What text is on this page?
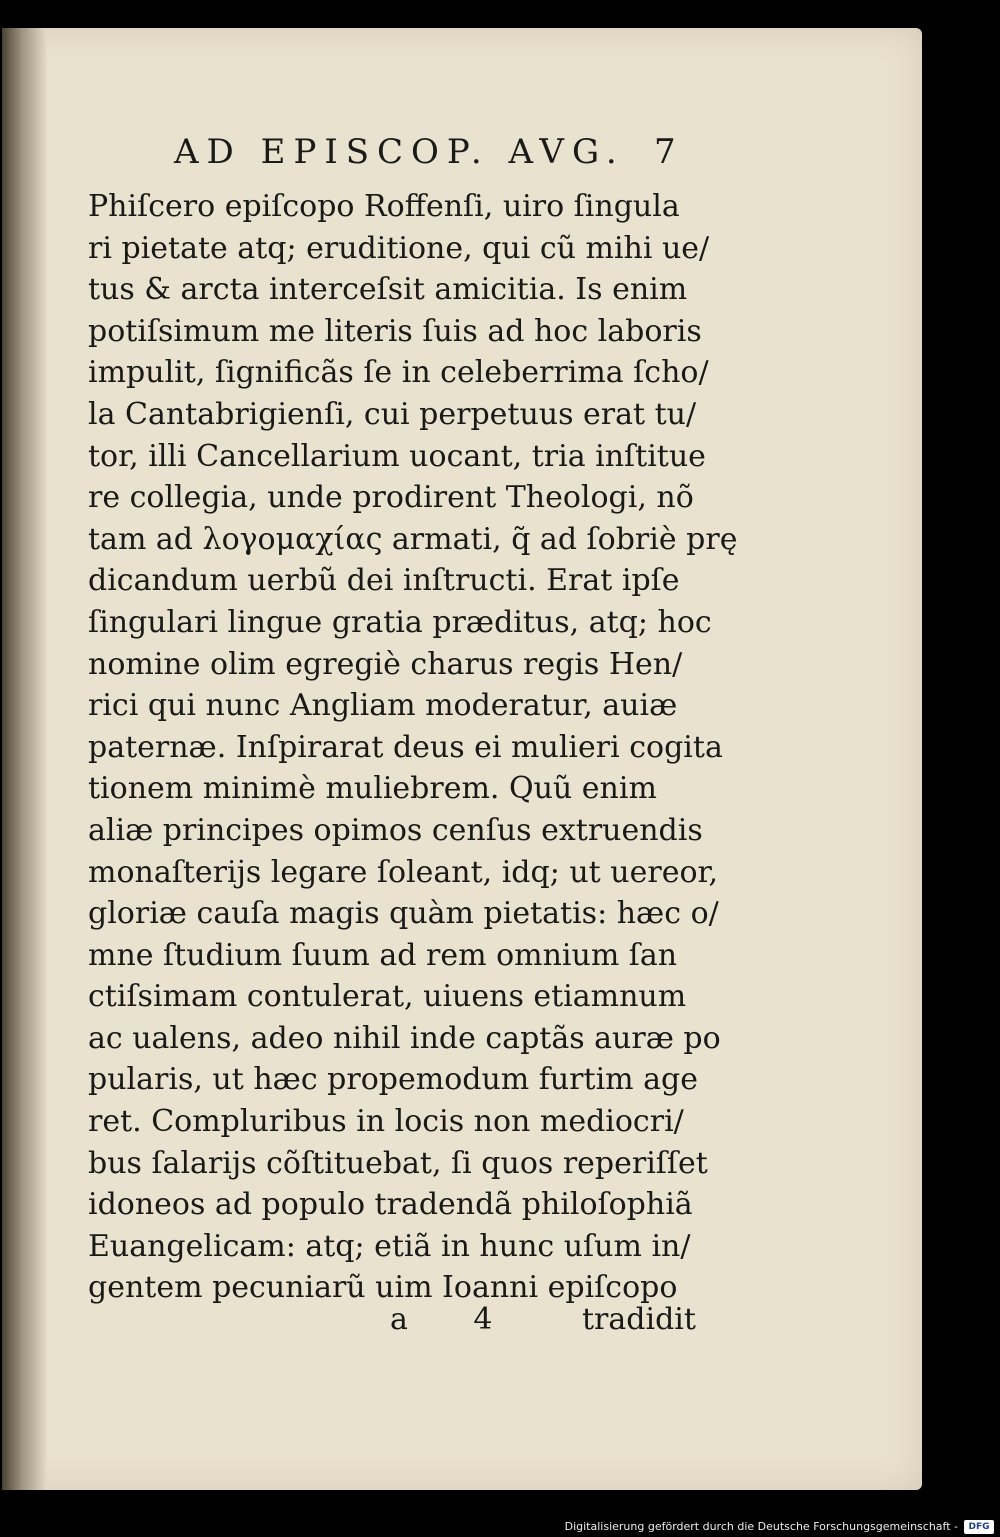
AD EPISCOP. AVG. 7
Phiſcero epiſcopo Roffenſi, uiro ſingula
ri pietate atq; eruditione, qui cũ mihi ue/
tus & arcta interceſsit amicitia. Is enim
potiſsimum me literis ſuis ad hoc laboris
impulit, ſignificãs ſe in celeberrima ſcho/
la Cantabrigienſi, cui perpetuus erat tu/
tor, illi Cancellarium uocant, tria inſtitue
re collegia, unde prodirent Theologi, nõ
tam ad λογομαχίας armati, q̃ ad ſobriè prę
dicandum uerbũ dei inſtructi. Erat ipſe
ſingulari lingue gratia præditus, atq; hoc
nomine olim egregiè charus regis Hen/
rici qui nunc Angliam moderatur, auiæ
paternæ. Inſpirarat deus ei mulieri cogita
tionem minimè muliebrem. Quũ enim
aliæ principes opimos cenſus extruendis
monaſterijs legare ſoleant, idq; ut uereor,
gloriæ cauſa magis quàm pietatis: hæc o/
mne ſtudium ſuum ad rem omnium ſan
ctiſsimam contulerat, uiuens etiamnum
ac ualens, adeo nihil inde captãs auræ po
pularis, ut hæc propemodum furtim age
ret. Compluribus in locis non mediocri/
bus ſalarijs cõſtituebat, ſi quos reperiſſet
idoneos ad populo tradendã philoſophiã
Euangelicam: atq; etiã in hunc uſum in/
gentem pecuniarũ uim Ioanni epiſcopo
a 4 tradidit
Digitalisierung gefördert durch die Deutsche Forschungsgemeinschaft -	DFG
